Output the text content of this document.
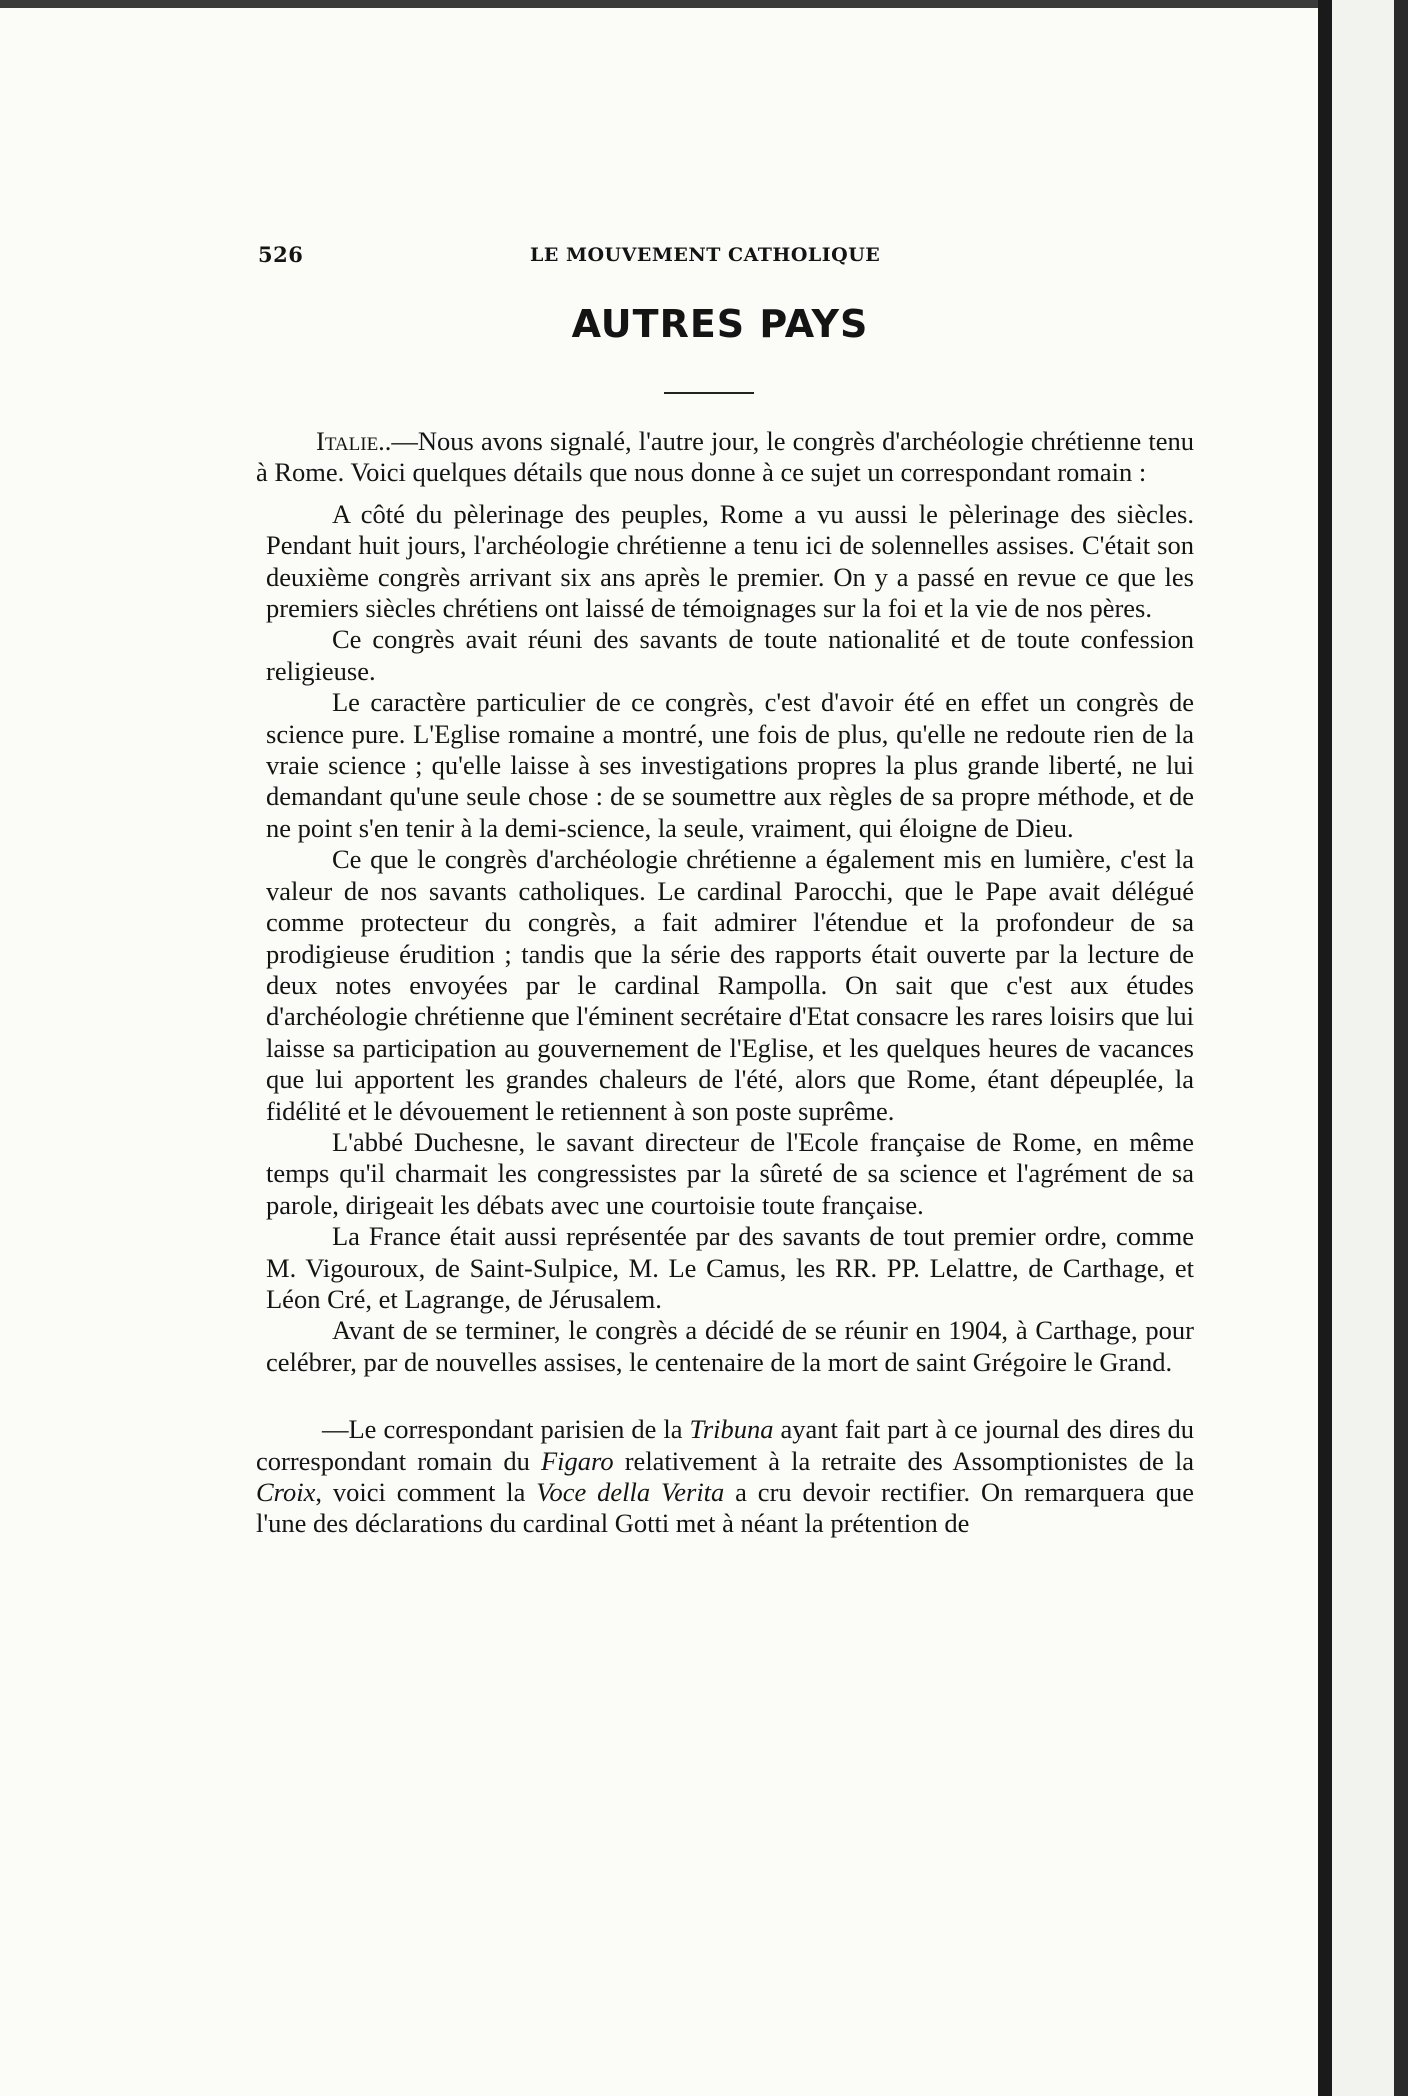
526	LE MOUVEMENT CATHOLIQUE
AUTRES PAYS

Italie..—Nous avons signalé, l'autre jour, le congrès d'archéologie chrétienne tenu à Rome. Voici quelques détails que nous donne à ce sujet un correspondant romain :

A côté du pèlerinage des peuples, Rome a vu aussi le pèlerinage des siècles. Pendant huit jours, l'archéologie chrétienne a tenu ici de solennelles assises. C'était son deuxième congrès arrivant six ans après le premier. On y a passé en revue ce que les premiers siècles chrétiens ont laissé de témoignages sur la foi et la vie de nos pères.

Ce congrès avait réuni des savants de toute nationalité et de toute confession religieuse.

Le caractère particulier de ce congrès, c'est d'avoir été en effet un congrès de science pure. L'Eglise romaine a montré, une fois de plus, qu'elle ne redoute rien de la vraie science ; qu'elle laisse à ses investigations propres la plus grande liberté, ne lui demandant qu'une seule chose : de se soumettre aux règles de sa propre méthode, et de ne point s'en tenir à la demi-science, la seule, vraiment, qui éloigne de Dieu.

Ce que le congrès d'archéologie chrétienne a également mis en lumière, c'est la valeur de nos savants catholiques. Le cardinal Parocchi, que le Pape avait délégué comme protecteur du congrès, a fait admirer l'étendue et la profondeur de sa prodigieuse érudition ; tandis que la série des rapports était ouverte par la lecture de deux notes envoyées par le cardinal Rampolla. On sait que c'est aux études d'archéologie chrétienne que l'éminent secrétaire d'Etat consacre les rares loisirs que lui laisse sa participation au gouvernement de l'Eglise, et les quelques heures de vacances que lui apportent les grandes chaleurs de l'été, alors que Rome, étant dépeuplée, la fidélité et le dévouement le retiennent à son poste suprême.

L'abbé Duchesne, le savant directeur de l'Ecole française de Rome, en même temps qu'il charmait les congressistes par la sûreté de sa science et l'agrément de sa parole, dirigeait les débats avec une courtoisie toute française.

La France était aussi représentée par des savants de tout premier ordre, comme M. Vigouroux, de Saint-Sulpice, M. Le Camus, les RR. PP. Lelattre, de Carthage, et Léon Cré, et Lagrange, de Jérusalem.

Avant de se terminer, le congrès a décidé de se réunir en 1904, à Carthage, pour celébrer, par de nouvelles assises, le centenaire de la mort de saint Grégoire le Grand.

—Le correspondant parisien de la Tribuna ayant fait part à ce journal des dires du correspondant romain du Figaro relativement à la retraite des Assomptionistes de la Croix, voici comment la Voce della Verita a cru devoir rectifier. On remarquera que l'une des déclarations du cardinal Gotti met à néant la prétention de
